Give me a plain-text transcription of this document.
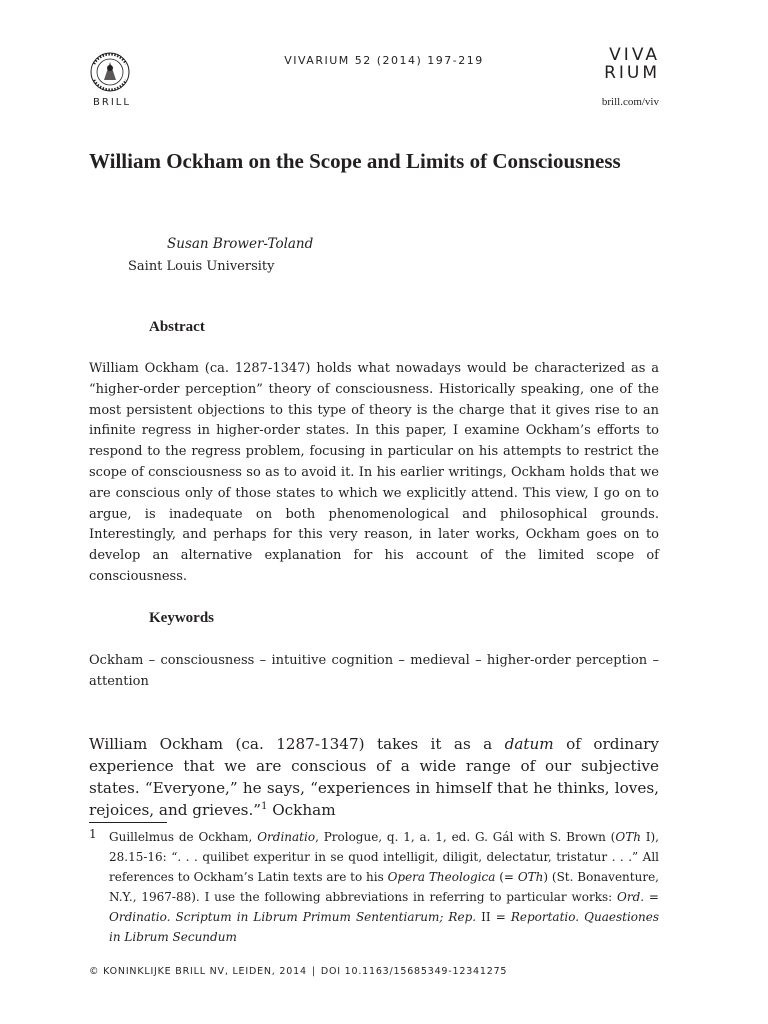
BRILL
VIVARIUM 52 (2014) 197-219	VIVA
RIUM
brill.com/viv
William Ockham on the Scope and Limits of Consciousness
Susan Brower-Toland
Saint Louis University
Abstract
William Ockham (ca. 1287-1347) holds what nowadays would be characterized as a “higher-order perception” theory of consciousness. Historically speaking, one of the most persistent objections to this type of theory is the charge that it gives rise to an infinite regress in higher-order states. In this paper, I examine Ockham’s efforts to respond to the regress problem, focusing in particular on his attempts to restrict the scope of consciousness so as to avoid it. In his earlier writings, Ockham holds that we are conscious only of those states to which we explicitly attend. This view, I go on to argue, is inadequate on both phenomenological and philosophical grounds. Interestingly, and perhaps for this very reason, in later works, Ockham goes on to develop an alternative explanation for his account of the limited scope of consciousness.
Keywords
Ockham – consciousness – intuitive cognition – medieval – higher-order perception – attention
William Ockham (ca. 1287-1347) takes it as a datum of ordinary experience that we are conscious of a wide range of our subjective states. “Everyone,” he says, “experiences in himself that he thinks, loves, rejoices, and grieves.”$^1$ Ockham
1 Guillelmus de Ockham, Ordinatio, Prologue, q. 1, a. 1, ed. G. Gál with S. Brown (OTh I), 28.15-16: “. . . quilibet experitur in se quod intelligit, diligit, delectatur, tristatur . . .” All references to Ockham’s Latin texts are to his Opera Theologica (= OTh) (St. Bonaventure, N.Y., 1967-88). I use the following abbreviations in referring to particular works: Ord. = Ordinatio. Scriptum in Librum Primum Sententiarum; Rep. II = Reportatio. Quaestiones in Librum Secundum
© KONINKLIJKE BRILL NV, LEIDEN, 2014 | DOI 10.1163/15685349-12341275
